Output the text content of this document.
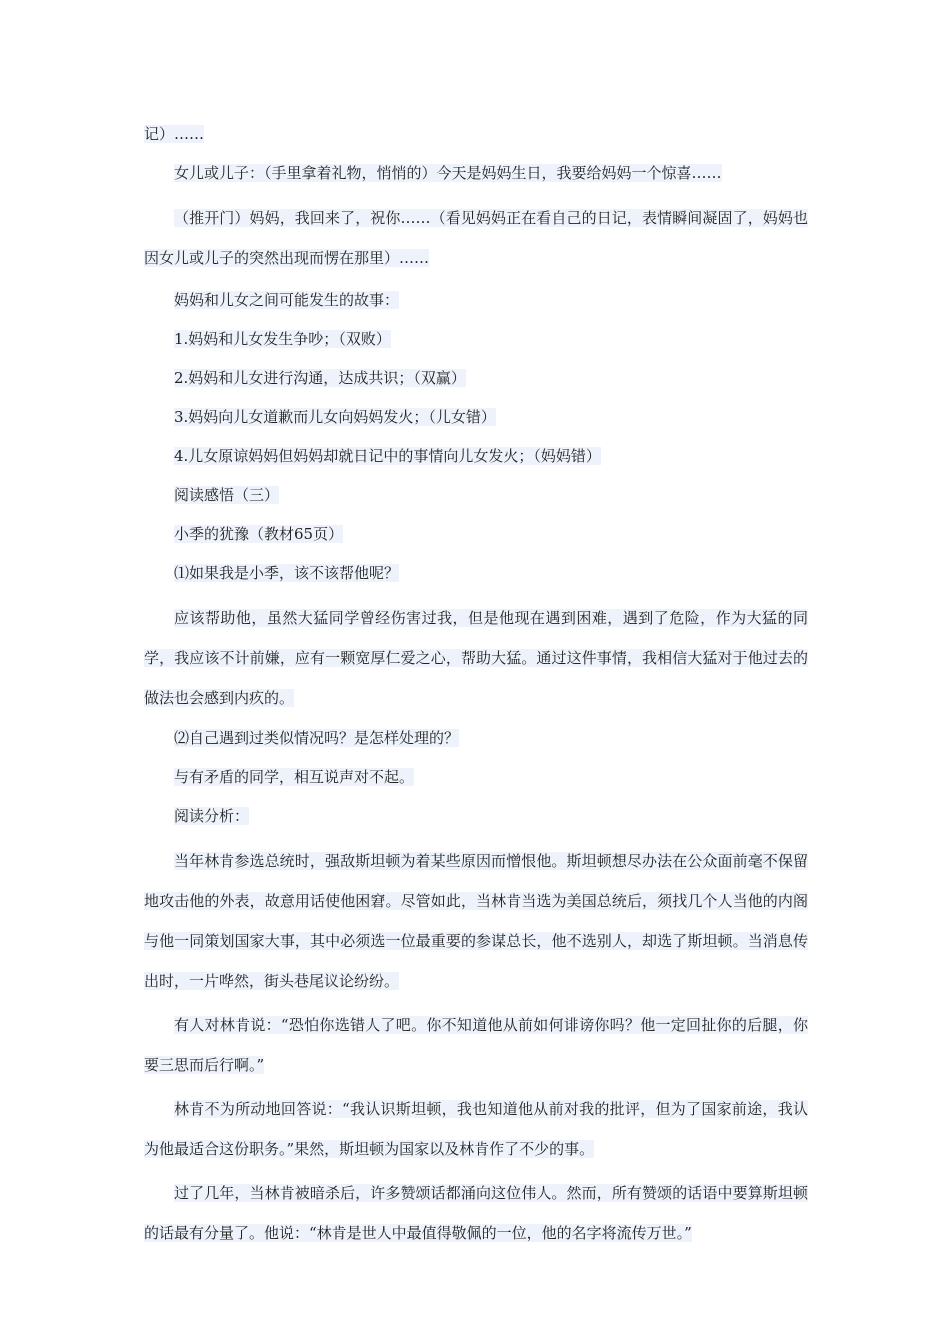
记）……

女儿或儿子：（手里拿着礼物，悄悄的）今天是妈妈生日，我要给妈妈一个惊喜……

（推开门）妈妈，我回来了，祝你……（看见妈妈正在看自己的日记，表情瞬间凝固了，妈妈也因女儿或儿子的突然出现而愣在那里）……

妈妈和儿女之间可能发生的故事：

1.妈妈和儿女发生争吵；（双败）

2.妈妈和儿女进行沟通，达成共识；（双赢）

3.妈妈向儿女道歉而儿女向妈妈发火；（儿女错）

4.儿女原谅妈妈但妈妈却就日记中的事情向儿女发火；（妈妈错）

阅读感悟（三）

小季的犹豫（教材65页）

⑴如果我是小季，该不该帮他呢？

应该帮助他，虽然大猛同学曾经伤害过我，但是他现在遇到困难，遇到了危险，作为大猛的同学，我应该不计前嫌，应有一颗宽厚仁爱之心，帮助大猛。通过这件事情，我相信大猛对于他过去的做法也会感到内疚的。

⑵自己遇到过类似情况吗？是怎样处理的？

与有矛盾的同学，相互说声对不起。

阅读分析：

当年林肯参选总统时，强敌斯坦顿为着某些原因而憎恨他。斯坦顿想尽办法在公众面前毫不保留地攻击他的外表，故意用话使他困窘。尽管如此，当林肯当选为美国总统后，须找几个人当他的内阁与他一同策划国家大事，其中必须选一位最重要的参谋总长，他不选别人，却选了斯坦顿。当消息传出时，一片哗然，街头巷尾议论纷纷。

有人对林肯说：“恐怕你选错人了吧。你不知道他从前如何诽谤你吗？他一定回扯你的后腿，你要三思而后行啊。”

林肯不为所动地回答说：“我认识斯坦顿，我也知道他从前对我的批评，但为了国家前途，我认为他最适合这份职务。”果然，斯坦顿为国家以及林肯作了不少的事。

过了几年，当林肯被暗杀后，许多赞颂话都涌向这位伟人。然而，所有赞颂的话语中要算斯坦顿的话最有分量了。他说：“林肯是世人中最值得敬佩的一位，他的名字将流传万世。”
